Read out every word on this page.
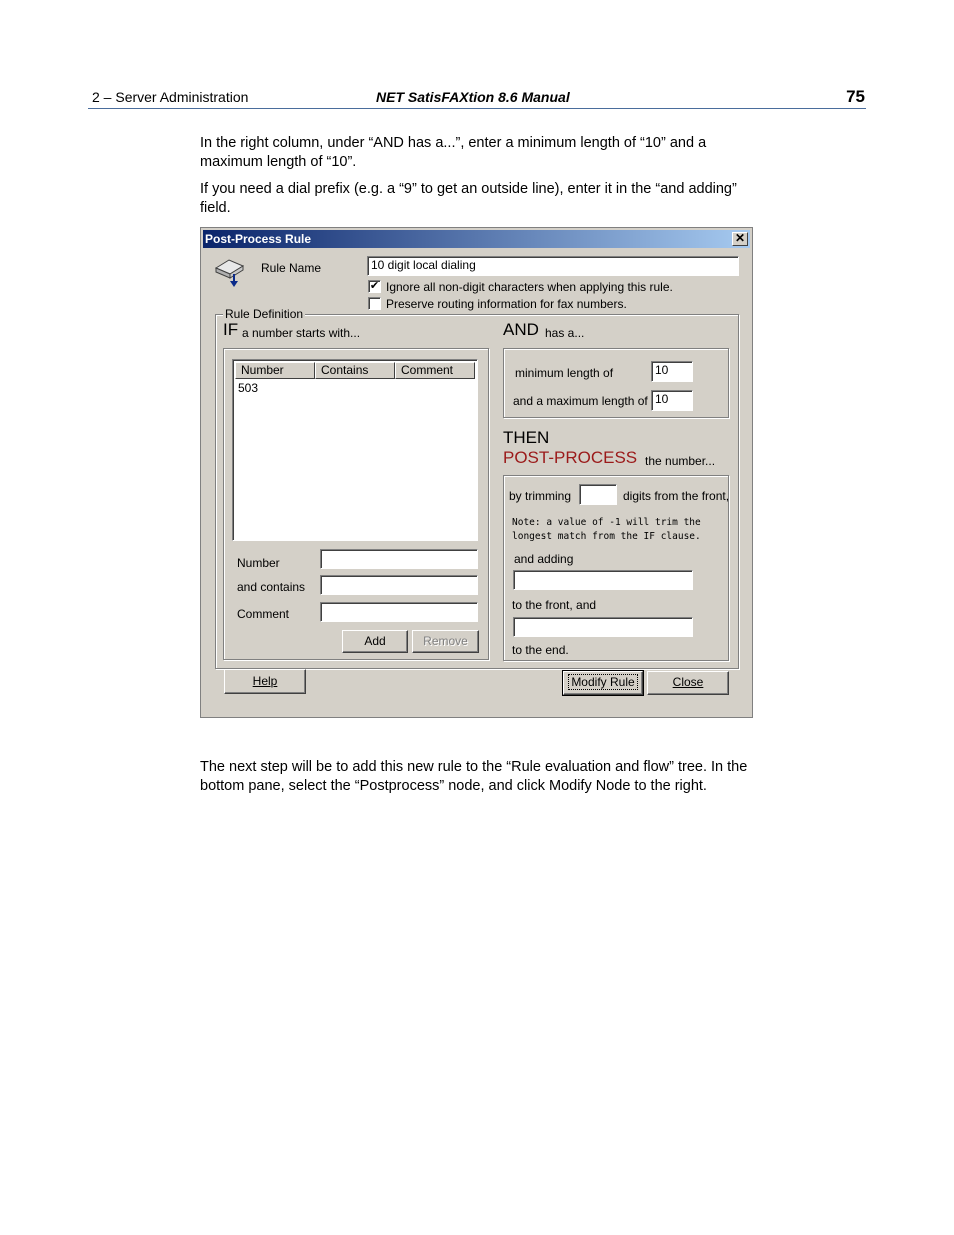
2 – Server Administration	NET SatisFAXtion 8.6 Manual	75
In the right column, under “AND has a...”, enter a minimum length of “10” and a maximum length of “10”.
If you need a dial prefix (e.g. a “9” to get an outside line), enter it in the “and adding” field.
Post-Process Rule	✕
Rule Name	10 digit local dialing
✔ Ignore all non-digit characters when applying this rule.
Preserve routing information for fax numbers.
Rule Definition
IF a number starts with...
Number	Contains	Comment
503
Number
and contains
Comment
Add	Remove
AND has a...
minimum length of	10
and a maximum length of 10
THEN
POST-PROCESS the number...
by trimming	digits from the front,
Note: a value of -1 will trim the
longest match from the IF clause.
and adding
to the front, and
to the end.
Help	Modify Rule	Close
The next step will be to add this new rule to the “Rule evaluation and flow” tree. In the bottom pane, select the “Postprocess” node, and click Modify Node to the right.
